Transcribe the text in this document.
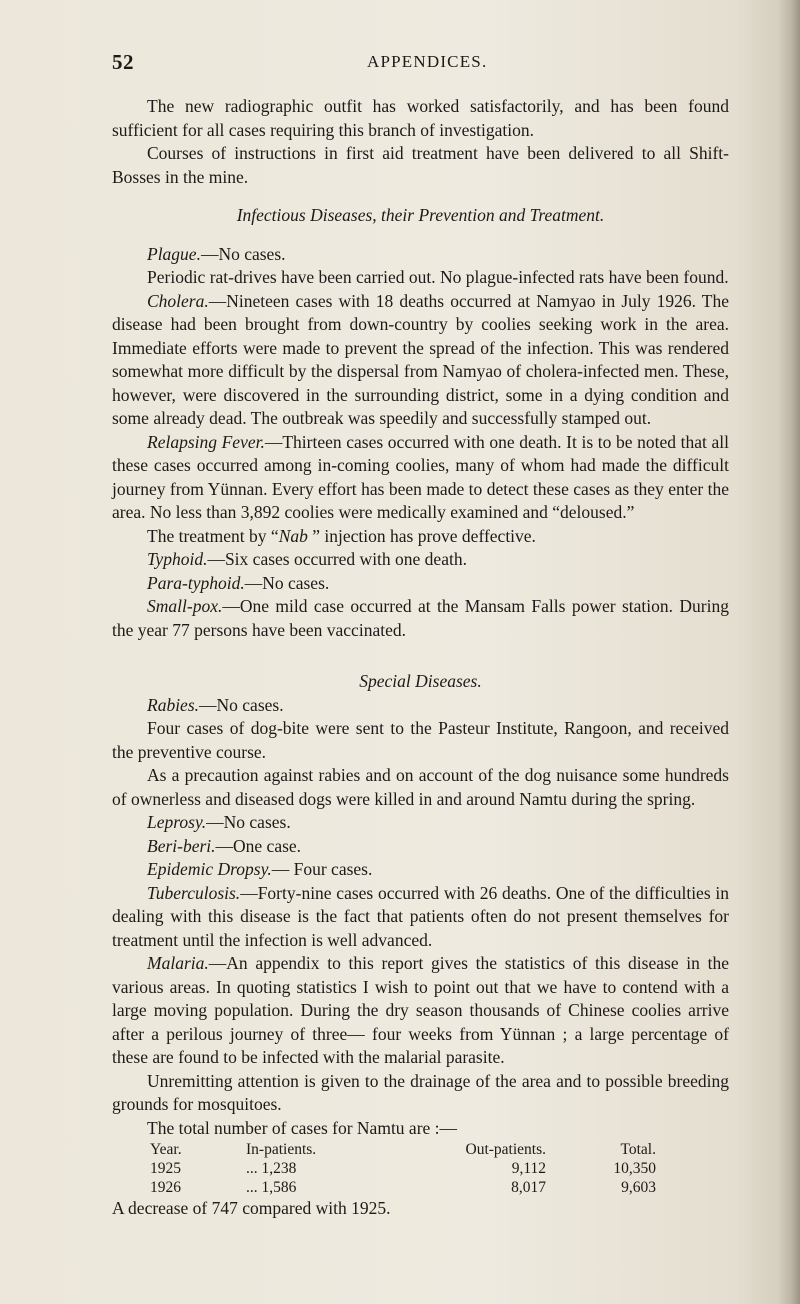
52	APPENDICES.

The new radiographic outfit has worked satisfactorily, and has been found sufficient for all cases requiring this branch of investigation.

Courses of instructions in first aid treatment have been delivered to all Shift-Bosses in the mine.

Infectious Diseases, their Prevention and Treatment.

Plague.—No cases.

Periodic rat-drives have been carried out. No plague-infected rats have been found.

Cholera.—Nineteen cases with 18 deaths occurred at Namyao in July 1926. The disease had been brought from down-country by coolies seeking work in the area. Immediate efforts were made to prevent the spread of the infection. This was rendered somewhat more difficult by the dispersal from Namyao of cholera-infected men. These, however, were discovered in the surrounding district, some in a dying condition and some already dead. The outbreak was speedily and successfully stamped out.

Relapsing Fever.—Thirteen cases occurred with one death. It is to be noted that all these cases occurred among in-coming coolies, many of whom had made the difficult journey from Yünnan. Every effort has been made to detect these cases as they enter the area. No less than 3,892 coolies were medically examined and “deloused.”

The treatment by “Nab ” injection has prove deffective.

Typhoid.—Six cases occurred with one death.

Para-typhoid.—No cases.

Small-pox.—One mild case occurred at the Mansam Falls power station. During the year 77 persons have been vaccinated.

Special Diseases.

Rabies.—No cases.

Four cases of dog-bite were sent to the Pasteur Institute, Rangoon, and received the preventive course.

As a precaution against rabies and on account of the dog nuisance some hundreds of ownerless and diseased dogs were killed in and around Namtu during the spring.

Leprosy.—No cases.

Beri-beri.—One case.

Epidemic Dropsy.— Four cases.

Tuberculosis.—Forty-nine cases occurred with 26 deaths. One of the difficulties in dealing with this disease is the fact that patients often do not present themselves for treatment until the infection is well advanced.

Malaria.—An appendix to this report gives the statistics of this disease in the various areas. In quoting statistics I wish to point out that we have to contend with a large moving population. During the dry season thousands of Chinese coolies arrive after a perilous journey of three— four weeks from Yünnan ; a large percentage of these are found to be infected with the malarial parasite.

Unremitting attention is given to the drainage of the area and to possible breeding grounds for mosquitoes.

The total number of cases for Namtu are :—

Year.	In-patients.	Out-patients.	Total.
1925	... 1,238	9,112	10,350
1926	... 1,586	8,017	9,603

A decrease of 747 compared with 1925.
